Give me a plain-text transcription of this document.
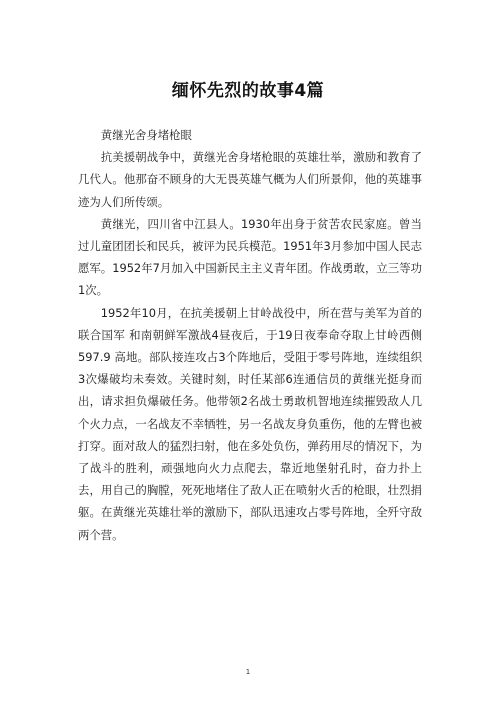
缅怀先烈的故事4篇

黄继光舍身堵枪眼

抗美援朝战争中，黄继光舍身堵枪眼的英雄壮举，激励和教育了几代人。他那奋不顾身的大无畏英雄气概为人们所景仰，他的英雄事迹为人们所传颂。

黄继光，四川省中江县人。1930年出身于贫苦农民家庭。曾当过儿童团团长和民兵，被评为民兵模范。1951年3月参加中国人民志愿军。1952年7月加入中国新民主主义青年团。作战勇敢，立三等功1次。

1952年10月，在抗美援朝上甘岭战役中，所在营与美军为首的 联合国军 和南朝鲜军激战4昼夜后，于19日夜奉命夺取上甘岭西侧 597.9 高地。部队接连攻占3个阵地后，受阻于零号阵地，连续组织3次爆破均未奏效。关键时刻，时任某部6连通信员的黄继光挺身而出，请求担负爆破任务。他带领2名战士勇敢机智地连续摧毁敌人几个火力点，一名战友不幸牺牲，另一名战友身负重伤，他的左臂也被打穿。面对敌人的猛烈扫射，他在多处负伤，弹药用尽的情况下，为了战斗的胜利，顽强地向火力点爬去，靠近地堡射孔时，奋力扑上去，用自己的胸膛，死死地堵住了敌人正在喷射火舌的枪眼，壮烈捐躯。在黄继光英雄壮举的激励下，部队迅速攻占零号阵地，全歼守敌两个营。

1
